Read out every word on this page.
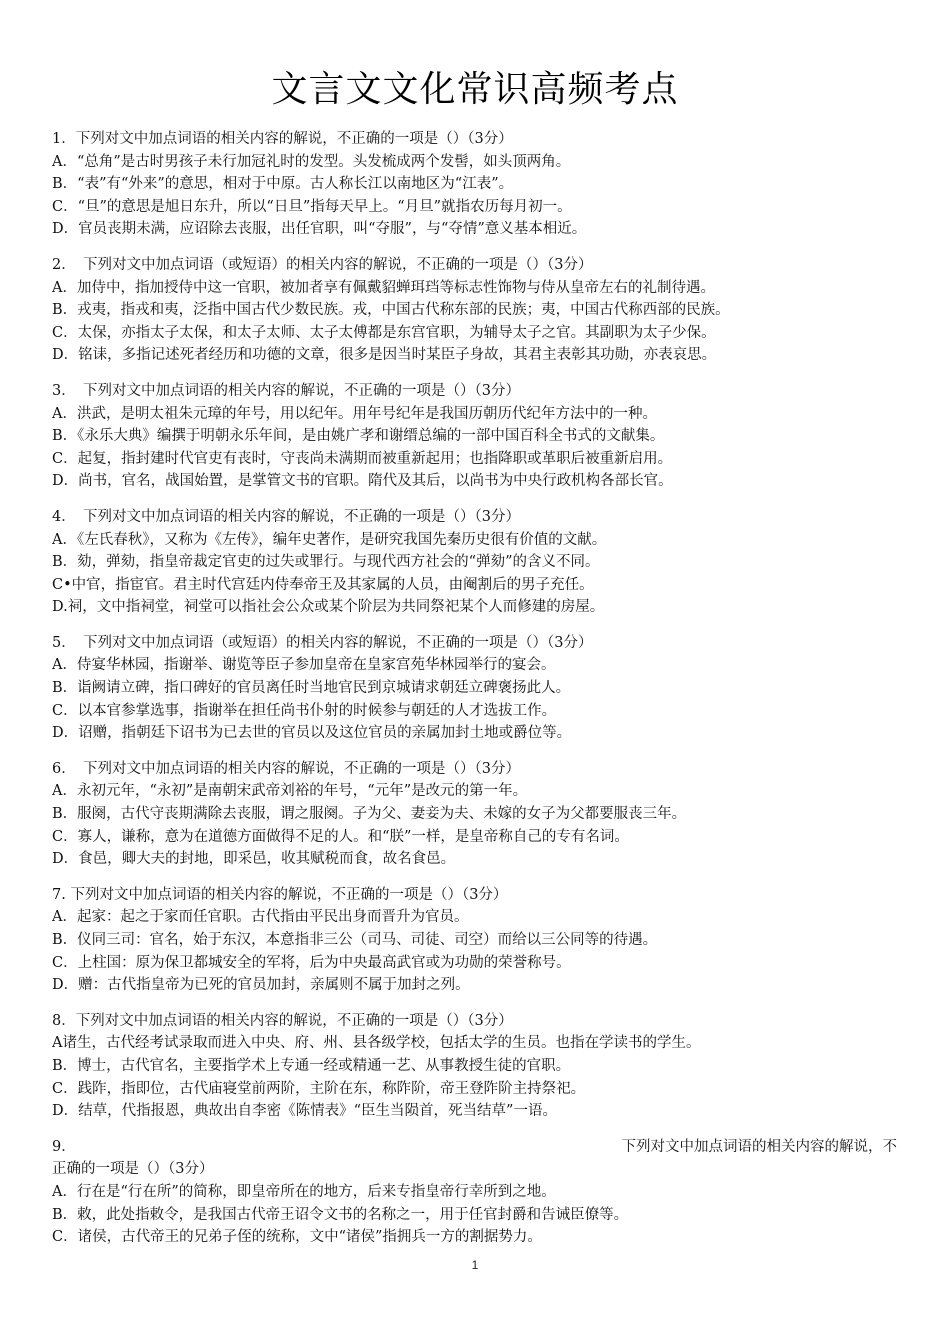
文言文文化常识高频考点
1．下列对文中加点词语的相关内容的解说，不正确的一项是（）（3分）
A．“总角”是古时男孩子未行加冠礼时的发型。头发梳成两个发髻，如头顶两角。
B．“表”有“外来”的意思，相对于中原。古人称长江以南地区为“江表”。
C．“旦”的意思是旭日东升，所以“日旦”指每天早上。“月旦”就指农历每月初一。
D．官员丧期未满，应诏除去丧服，出任官职，叫“夺服”，与“夺情”意义基本相近。
2．　下列对文中加点词语（或短语）的相关内容的解说，不正确的一项是（）（3分）
A．加侍中，指加授侍中这一官职，被加者享有佩戴貂蝉珥珰等标志性饰物与侍从皇帝左右的礼制待遇。
B．戎夷，指戎和夷，泛指中国古代少数民族。戎，中国古代称东部的民族；夷，中国古代称西部的民族。
C．太保，亦指太子太保，和太子太师、太子太傅都是东宫官职，为辅导太子之官。其副职为太子少保。
D．铭诔，多指记述死者经历和功德的文章，很多是因当时某臣子身故，其君主表彰其功勋，亦表哀思。
3．　下列对文中加点词语的相关内容的解说，不正确的一项是（）（3分）
A．洪武，是明太祖朱元璋的年号，用以纪年。用年号纪年是我国历朝历代纪年方法中的一种。
B．《永乐大典》编撰于明朝永乐年间，是由姚广孝和谢缙总编的一部中国百科全书式的文献集。
C．起复，指封建时代官吏有丧时，守丧尚未满期而被重新起用；也指降职或革职后被重新启用。
D．尚书，官名，战国始置，是掌管文书的官职。隋代及其后，以尚书为中央行政机构各部长官。
4．　下列对文中加点词语的相关内容的解说，不正确的一项是（）（3分）
A．《左氏春秋》，又称为《左传》，编年史著作，是研究我国先秦历史很有价值的文献。
B．劾，弹劾，指皇帝裁定官吏的过失或罪行。与现代西方社会的“弹劾”的含义不同。
C•中官，指宦官。君主时代宫廷内侍奉帝王及其家属的人员，由阉割后的男子充任。
D.祠，文中指祠堂，祠堂可以指社会公众或某个阶层为共同祭祀某个人而修建的房屋。
5．　下列对文中加点词语（或短语）的相关内容的解说，不正确的一项是（）（3分）
A．侍宴华林园，指谢举、谢览等臣子参加皇帝在皇家宫苑华林园举行的宴会。
B．诣阙请立碑，指口碑好的官员离任时当地官民到京城请求朝廷立碑褒扬此人。
C．以本官参掌选事，指谢举在担任尚书仆射的时候参与朝廷的人才选拔工作。
D．诏赠，指朝廷下诏书为已去世的官员以及这位官员的亲属加封土地或爵位等。
6．　下列对文中加点词语的相关内容的解说，不正确的一项是（）（3分）
A．永初元年，“永初”是南朝宋武帝刘裕的年号，“元年”是改元的第一年。
B．服阕，古代守丧期满除去丧服，谓之服阕。子为父、妻妾为夫、未嫁的女子为父都要服丧三年。
C．寡人，谦称，意为在道德方面做得不足的人。和“朕”一样，是皇帝称自己的专有名词。
D．食邑，卿大夫的封地，即采邑，收其赋税而食，故名食邑。
7. 下列对文中加点词语的相关内容的解说，不正确的一项是（）（3分）
A．起家：起之于家而任官职。古代指由平民出身而晋升为官员。
B．仪同三司：官名，始于东汉，本意指非三公（司马、司徒、司空）而给以三公同等的待遇。
C．上柱国：原为保卫都城安全的军将，后为中央最高武官或为功勋的荣誉称号。
D．赠：古代指皇帝为已死的官员加封，亲属则不属于加封之列。
8．下列对文中加点词语的相关内容的解说，不正确的一项是（）（3分）
A诸生，古代经考试录取而进入中央、府、州、县各级学校，包括太学的生员。也指在学读书的学生。
B．博士，古代官名，主要指学术上专通一经或精通一艺、从事教授生徒的官职。
C．践阼，指即位，古代庙寝堂前两阶，主阶在东，称阼阶，帝王登阼阶主持祭祀。
D．结草，代指报恩，典故出自李密《陈情表》“臣生当陨首，死当结草”一语。
9．	下列对文中加点词语的相关内容的解说，不
正确的一项是（）（3分）
A．行在是“行在所”的简称，即皇帝所在的地方，后来专指皇帝行幸所到之地。
B．敕，此处指敕令，是我国古代帝王诏令文书的名称之一，用于任官封爵和告诫臣僚等。
C．诸侯，古代帝王的兄弟子侄的统称，文中“诸侯”指拥兵一方的割据势力。
1
